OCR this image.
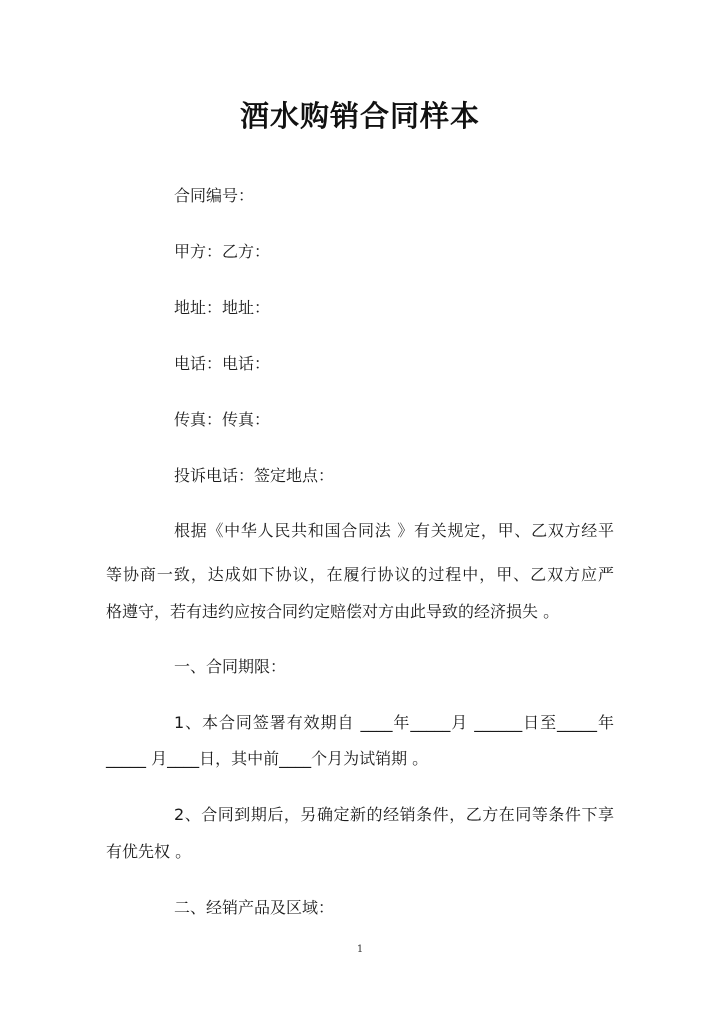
酒水购销合同样本
合同编号：
甲方：乙方：
地址：地址：
电话：电话：
传真：传真：
投诉电话：签定地点：
根据《中华人民共和国合同法 》有关规定，甲、乙双方经平
等协商一致，达成如下协议，在履行协议的过程中，甲、乙双方应严
格遵守，若有违约应按合同约定赔偿对方由此导致的经济损失 。
一、合同期限：
1、本合同签署有效期自 ____年_____月 ______日至_____年
_____ 月____日，其中前____个月为试销期 。
2、合同到期后，另确定新的经销条件，乙方在同等条件下享
有优先权 。
二、经销产品及区域：
1
